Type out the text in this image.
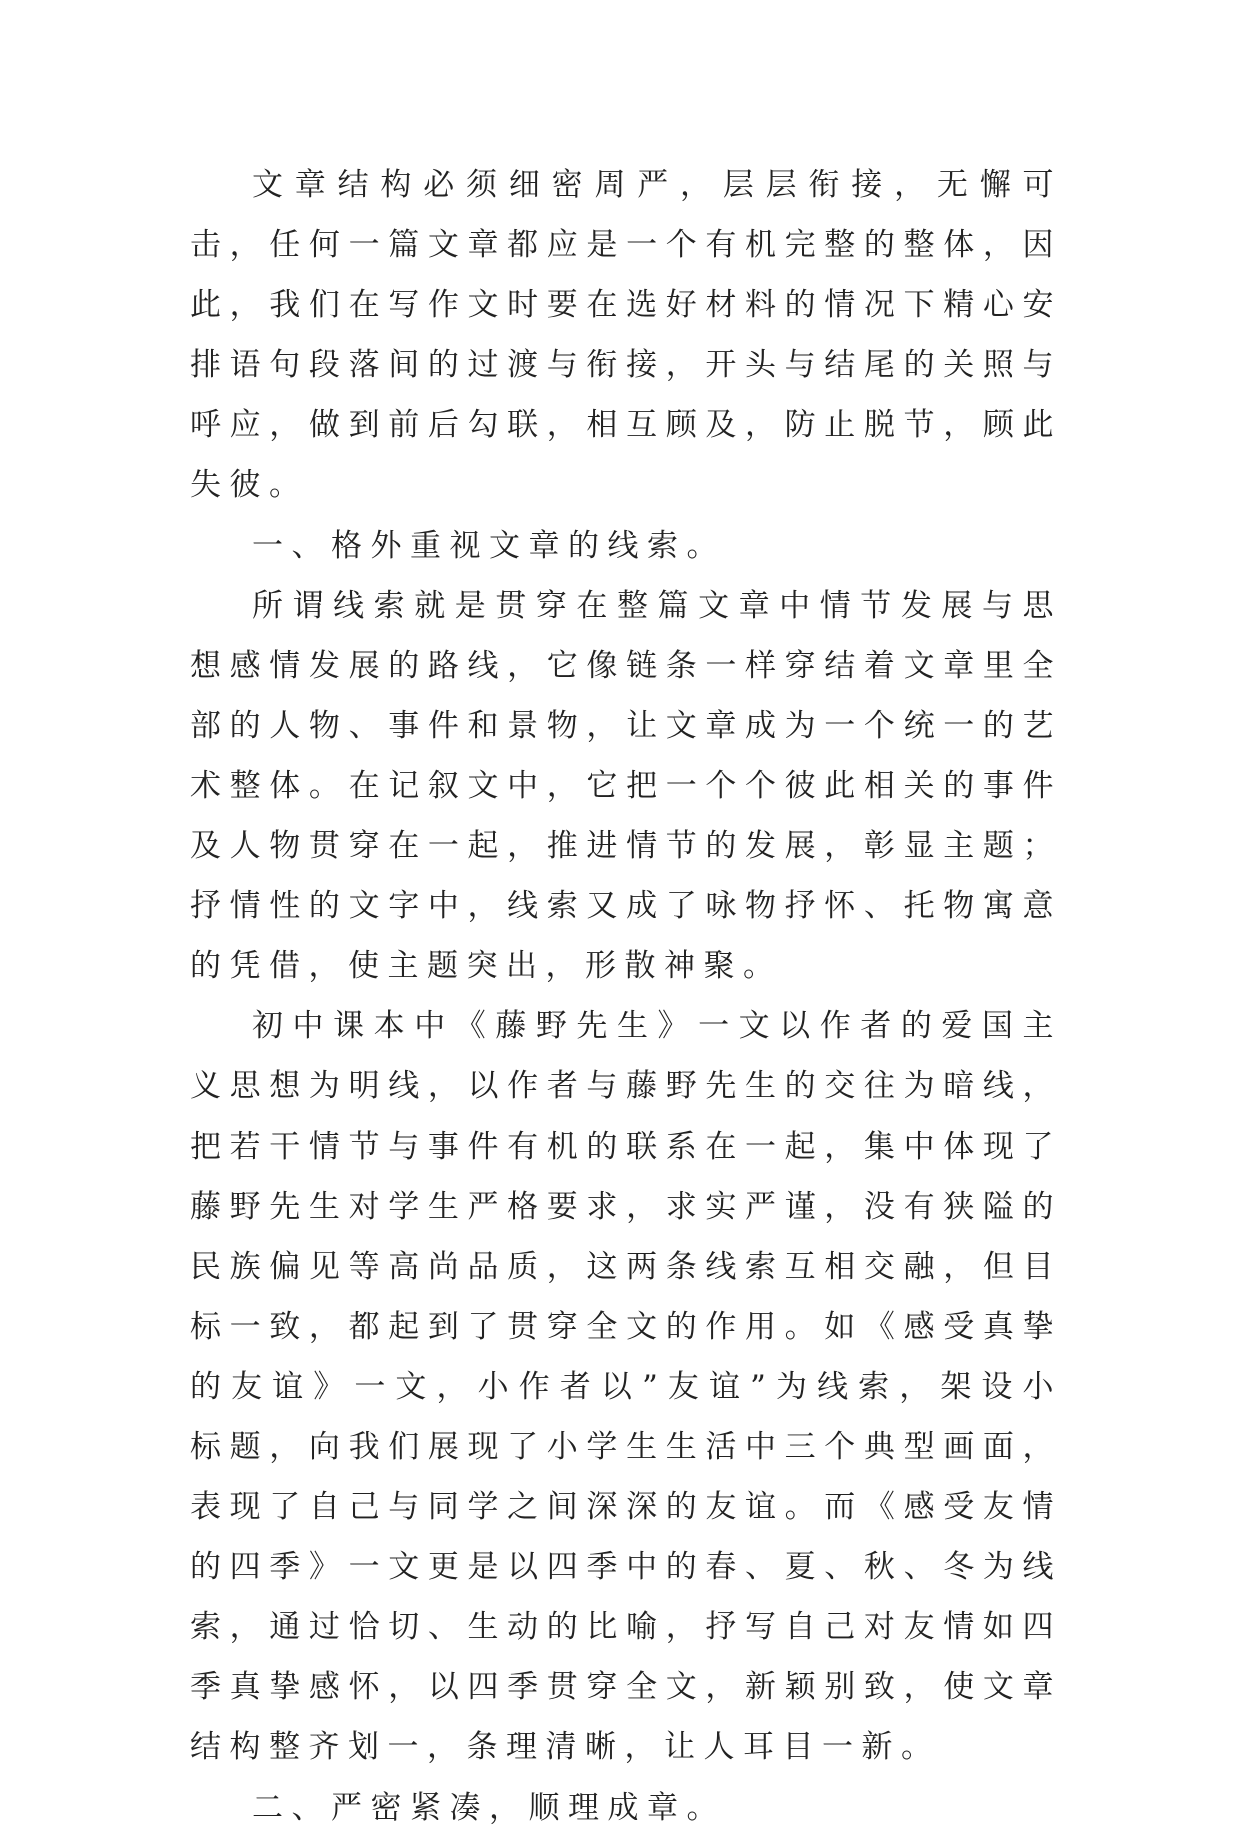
文章结构必须细密周严，层层衔接，无懈可击，任何一篇文章都应是一个有机完整的整体，因此，我们在写作文时要在选好材料的情况下精心安排语句段落间的过渡与衔接，开头与结尾的关照与呼应，做到前后勾联，相互顾及，防止脱节，顾此失彼。

一、格外重视文章的线索。

所谓线索就是贯穿在整篇文章中情节发展与思想感情发展的路线，它像链条一样穿结着文章里全部的人物、事件和景物，让文章成为一个统一的艺术整体。在记叙文中，它把一个个彼此相关的事件及人物贯穿在一起，推进情节的发展，彰显主题；抒情性的文字中，线索又成了咏物抒怀、托物寓意的凭借，使主题突出，形散神聚。

初中课本中《藤野先生》一文以作者的爱国主义思想为明线，以作者与藤野先生的交往为暗线，把若干情节与事件有机的联系在一起，集中体现了藤野先生对学生严格要求，求实严谨，没有狭隘的民族偏见等高尚品质，这两条线索互相交融，但目标一致，都起到了贯穿全文的作用。如《感受真挚的友谊》一文，小作者以”友谊”为线索，架设小标题，向我们展现了小学生生活中三个典型画面，表现了自己与同学之间深深的友谊。而《感受友情的四季》一文更是以四季中的春、夏、秋、冬为线索，通过恰切、生动的比喻，抒写自己对友情如四季真挚感怀，以四季贯穿全文，新颖别致，使文章结构整齐划一，条理清晰，让人耳目一新。

二、严密紧凑，顺理成章。
